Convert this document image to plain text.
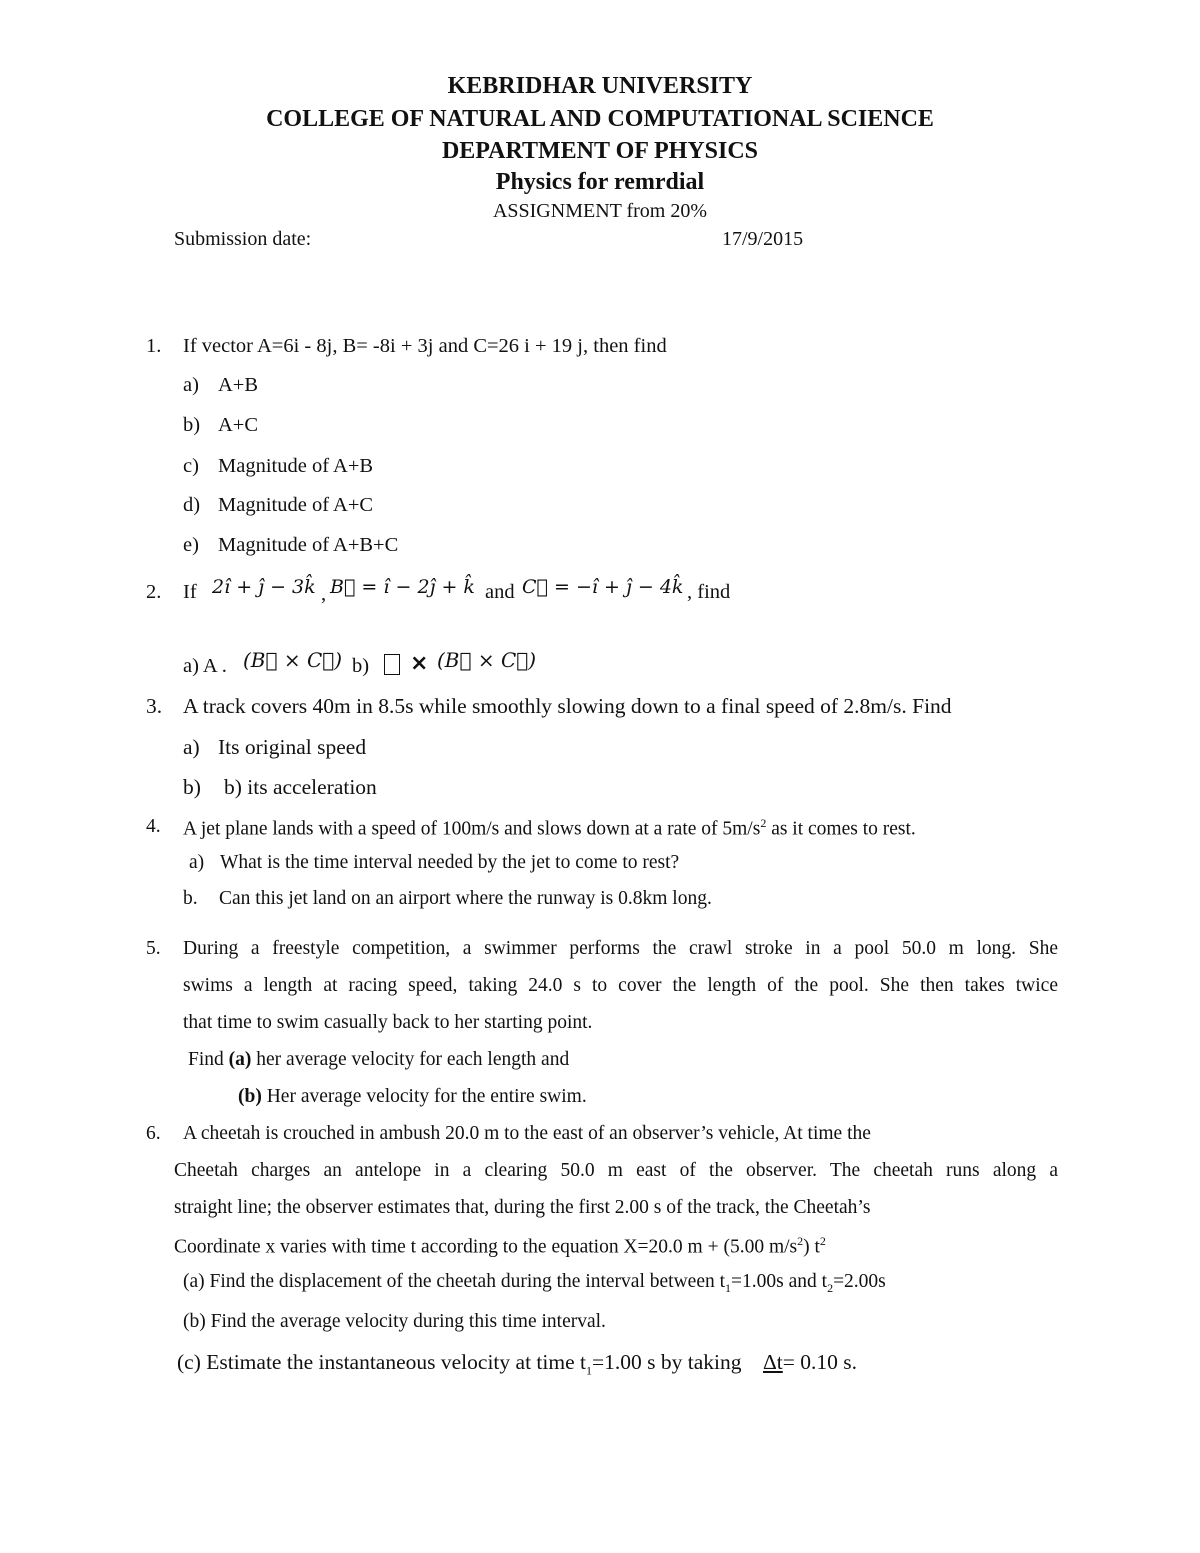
KEBRIDHAR UNIVERSITY
COLLEGE OF NATURAL AND COMPUTATIONAL SCIENCE
DEPARTMENT OF PHYSICS
Physics for remrdial
ASSIGNMENT from 20%
Submission date:	17/9/2015
1. If vector A=6i - 8j, B= -8i + 3j and C=26 i + 19 j, then find
a) A+B
b) A+C
c) Magnitude of A+B
d) Magnitude of A+C
e) Magnitude of A+B+C
2. If 2î + ĵ − 3k̂ , B⃗ = î − 2ĵ + k̂ and C⃗ = −î + ĵ − 4k̂ , find
a) A . (B⃗ × C⃗) b) × (B⃗ × C⃗)
3. A track covers 40m in 8.5s while smoothly slowing down to a final speed of 2.8m/s. Find
a) Its original speed
b) b) its acceleration
4. A jet plane lands with a speed of 100m/s and slows down at a rate of $5m/s^2$ as it comes to rest.
a) What is the time interval needed by the jet to come to rest?
b. Can this jet land on an airport where the runway is 0.8km long.
5. During a freestyle competition, a swimmer performs the crawl stroke in a pool 50.0 m long. She
swims a length at racing speed, taking 24.0 s to cover the length of the pool. She then takes twice
that time to swim casually back to her starting point.
Find (a) her average velocity for each length and
(b) Her average velocity for the entire swim.
6. A cheetah is crouched in ambush 20.0 m to the east of an observer’s vehicle, At time the
Cheetah charges an antelope in a clearing 50.0 m east of the observer. The cheetah runs along a
straight line; the observer estimates that, during the first 2.00 s of the track, the Cheetah’s
Coordinate x varies with time t according to the equation X=20.0 m + (5.00 $m/s^2$) $t^2$
(a) Find the displacement of the cheetah during the interval between $t_1=1.00s$ and $t_2=2.00s$
(b) Find the average velocity during this time interval.
(c) Estimate the instantaneous velocity at time $t_1=1.00$ s by taking Δt= 0.10 s.
